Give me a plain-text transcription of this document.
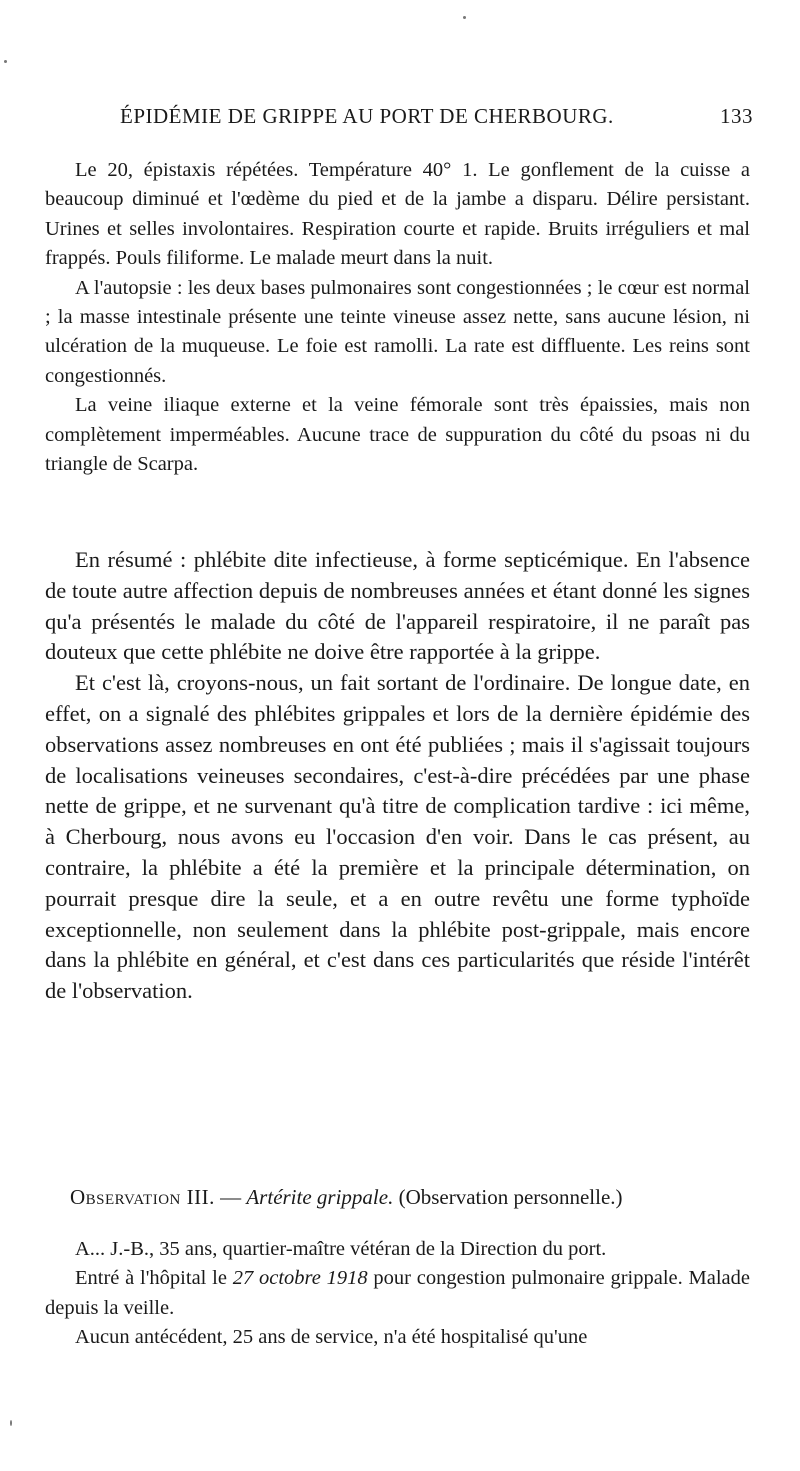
ÉPIDÉMIE DE GRIPPE AU PORT DE CHERBOURG.	133

Le 20, épistaxis répétées. Température 40° 1. Le gonflement de la cuisse a beaucoup diminué et l'œdème du pied et de la jambe a disparu. Délire persistant. Urines et selles involontaires. Respiration courte et rapide. Bruits irréguliers et mal frappés. Pouls filiforme. Le malade meurt dans la nuit.

A l'autopsie : les deux bases pulmonaires sont congestionnées ; le cœur est normal ; la masse intestinale présente une teinte vineuse assez nette, sans aucune lésion, ni ulcération de la muqueuse. Le foie est ramolli. La rate est diffluente. Les reins sont congestionnés.

La veine iliaque externe et la veine fémorale sont très épaissies, mais non complètement imperméables. Aucune trace de suppuration du côté du psoas ni du triangle de Scarpa.

En résumé : phlébite dite infectieuse, à forme septicémique. En l'absence de toute autre affection depuis de nombreuses années et étant donné les signes qu'a présentés le malade du côté de l'appareil respiratoire, il ne paraît pas douteux que cette phlébite ne doive être rapportée à la grippe.

Et c'est là, croyons-nous, un fait sortant de l'ordinaire. De longue date, en effet, on a signalé des phlébites grippales et lors de la dernière épidémie des observations assez nombreuses en ont été publiées ; mais il s'agissait toujours de localisations veineuses secondaires, c'est-à-dire précédées par une phase nette de grippe, et ne survenant qu'à titre de complication tardive : ici même, à Cherbourg, nous avons eu l'occasion d'en voir. Dans le cas présent, au contraire, la phlébite a été la première et la principale détermination, on pourrait presque dire la seule, et a en outre revêtu une forme typhoïde exceptionnelle, non seulement dans la phlébite post-grippale, mais encore dans la phlébite en général, et c'est dans ces particularités que réside l'intérêt de l'observation.

Observation III. — Artérite grippale. (Observation personnelle.)

A... J.-B., 35 ans, quartier-maître vétéran de la Direction du port.

Entré à l'hôpital le 27 octobre 1918 pour congestion pulmonaire grippale. Malade depuis la veille.

Aucun antécédent, 25 ans de service, n'a été hospitalisé qu'une
